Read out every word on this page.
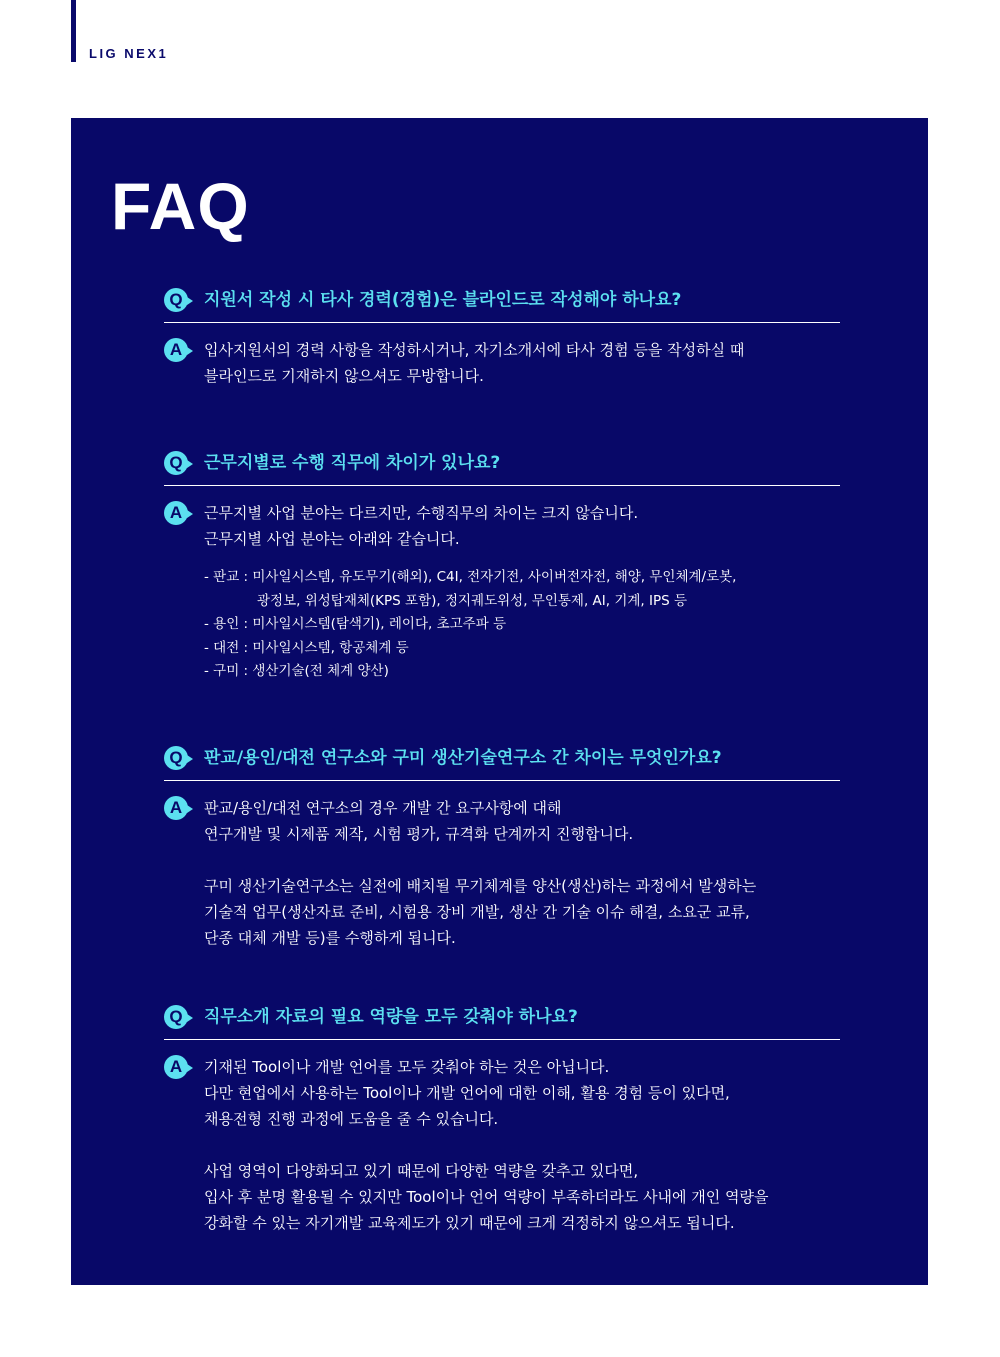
LIG NEX1
FAQ
Q	지원서 작성 시 타사 경력(경험)은 블라인드로 작성해야 하나요?
A	입사지원서의 경력 사항을 작성하시거나, 자기소개서에 타사 경험 등을 작성하실 때
블라인드로 기재하지 않으셔도 무방합니다.
Q	근무지별로 수행 직무에 차이가 있나요?
A	근무지별 사업 분야는 다르지만, 수행직무의 차이는 크지 않습니다.
근무지별 사업 분야는 아래와 같습니다.
- 판교 : 미사일시스템, 유도무기(해외), C4I, 전자기전, 사이버전자전, 해양, 무인체계/로봇,
광정보, 위성탑재체(KPS 포함), 정지궤도위성, 무인통제, AI, 기계, IPS 등
- 용인 : 미사일시스템(탐색기), 레이다, 초고주파 등
- 대전 : 미사일시스템, 항공체계 등
- 구미 : 생산기술(전 체계 양산)
Q	판교/용인/대전 연구소와 구미 생산기술연구소 간 차이는 무엇인가요?
A	판교/용인/대전 연구소의 경우 개발 간 요구사항에 대해
연구개발 및 시제품 제작, 시험 평가, 규격화 단계까지 진행합니다.
구미 생산기술연구소는 실전에 배치될 무기체계를 양산(생산)하는 과정에서 발생하는
기술적 업무(생산자료 준비, 시험용 장비 개발, 생산 간 기술 이슈 해결, 소요군 교류,
단종 대체 개발 등)를 수행하게 됩니다.
Q	직무소개 자료의 필요 역량을 모두 갖춰야 하나요?
A	기재된 Tool이나 개발 언어를 모두 갖춰야 하는 것은 아닙니다.
다만 현업에서 사용하는 Tool이나 개발 언어에 대한 이해, 활용 경험 등이 있다면,
채용전형 진행 과정에 도움을 줄 수 있습니다.
사업 영역이 다양화되고 있기 때문에 다양한 역량을 갖추고 있다면,
입사 후 분명 활용될 수 있지만 Tool이나 언어 역량이 부족하더라도 사내에 개인 역량을
강화할 수 있는 자기개발 교육제도가 있기 때문에 크게 걱정하지 않으셔도 됩니다.
